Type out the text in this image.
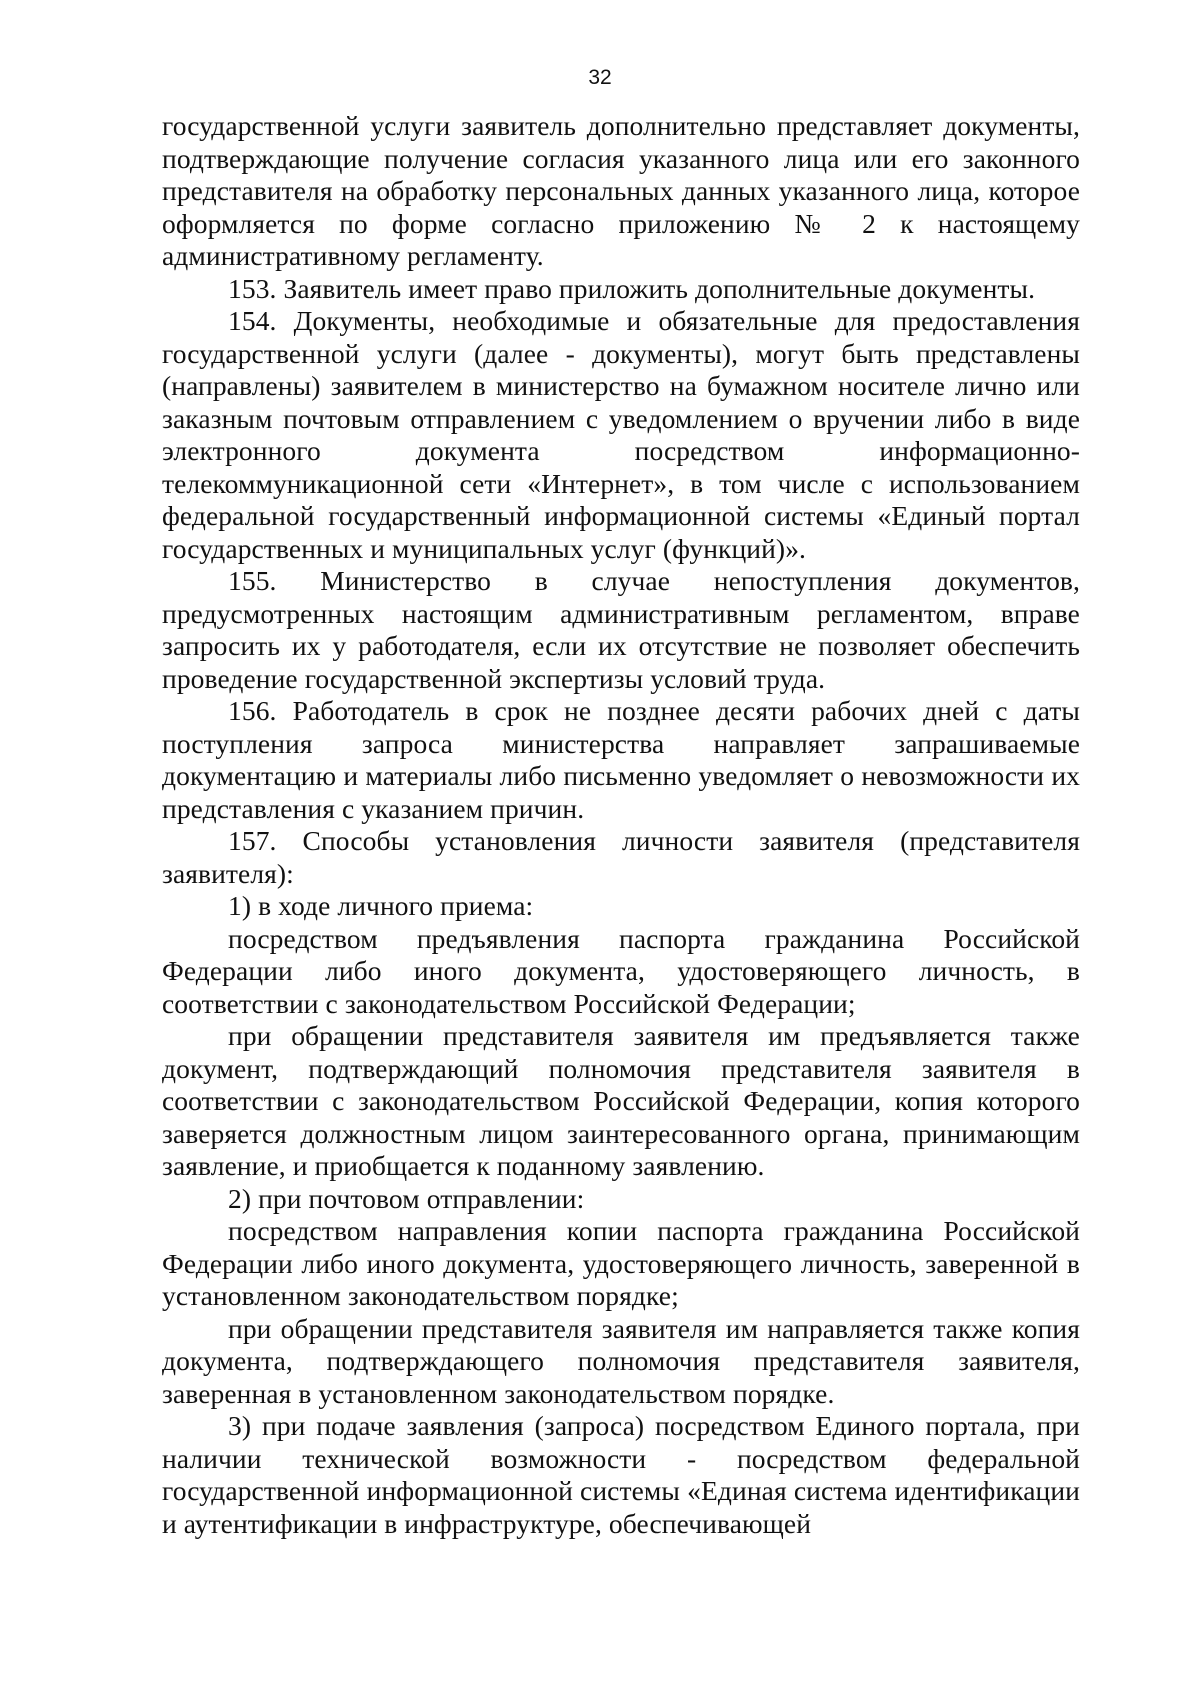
32

государственной услуги заявитель дополнительно представляет документы, подтверждающие получение согласия указанного лица или его законного представителя на обработку персональных данных указанного лица, которое оформляется по форме согласно приложению № 2 к настоящему административному регламенту.

153. Заявитель имеет право приложить дополнительные документы.

154. Документы, необходимые и обязательные для предоставления государственной услуги (далее - документы), могут быть представлены (направлены) заявителем в министерство на бумажном носителе лично или заказным почтовым отправлением с уведомлением о вручении либо в виде электронного документа посредством информационно-телекоммуникационной сети «Интернет», в том числе с использованием федеральной государственный информационной системы «Единый портал государственных и муниципальных услуг (функций)».

155. Министерство в случае непоступления документов, предусмотренных настоящим административным регламентом, вправе запросить их у работодателя, если их отсутствие не позволяет обеспечить проведение государственной экспертизы условий труда.

156. Работодатель в срок не позднее десяти рабочих дней с даты поступления запроса министерства направляет запрашиваемые документацию и материалы либо письменно уведомляет о невозможности их представления с указанием причин.

157. Способы установления личности заявителя (представителя заявителя):

1) в ходе личного приема:

посредством предъявления паспорта гражданина Российской Федерации либо иного документа, удостоверяющего личность, в соответствии с законодательством Российской Федерации;

при обращении представителя заявителя им предъявляется также документ, подтверждающий полномочия представителя заявителя в соответствии с законодательством Российской Федерации, копия которого заверяется должностным лицом заинтересованного органа, принимающим заявление, и приобщается к поданному заявлению.

2) при почтовом отправлении:

посредством направления копии паспорта гражданина Российской Федерации либо иного документа, удостоверяющего личность, заверенной в установленном законодательством порядке;

при обращении представителя заявителя им направляется также копия документа, подтверждающего полномочия представителя заявителя, заверенная в установленном законодательством порядке.

3) при подаче заявления (запроса) посредством Единого портала, при наличии технической возможности - посредством федеральной государственной информационной системы «Единая система идентификации и аутентификации в инфраструктуре, обеспечивающей
